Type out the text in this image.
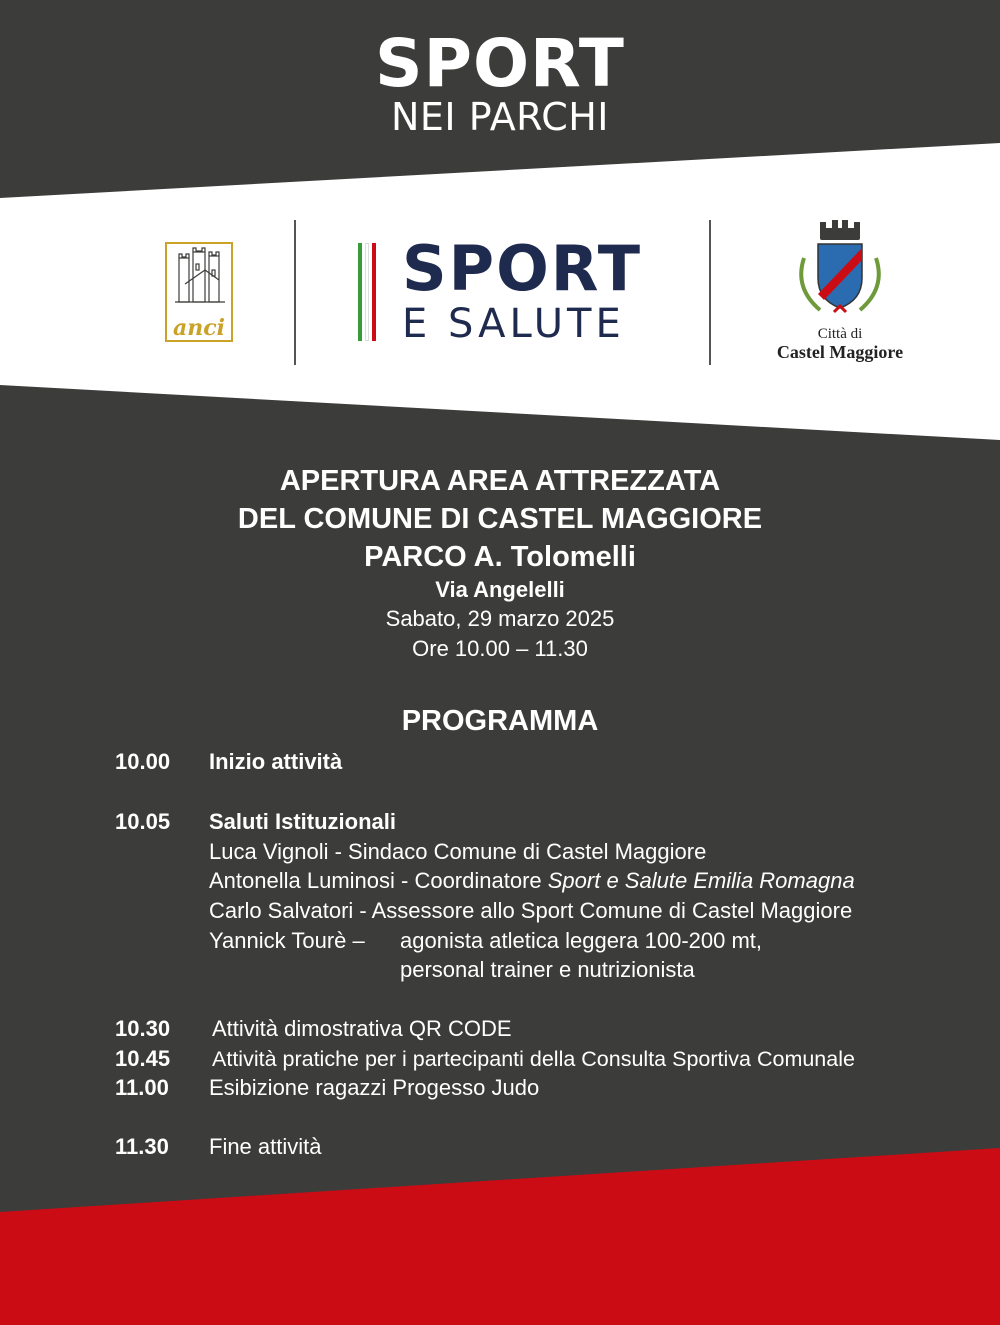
SPORT
NEI PARCHI
anci
SPORT
E SALUTE	Città di
Castel Maggiore
APERTURA AREA ATTREZZATA
DEL COMUNE DI CASTEL MAGGIORE
PARCO A. Tolomelli
Via Angelelli
Sabato, 29 marzo 2025
Ore 10.00 – 11.30
PROGRAMMA
10.00 Inizio attività
10.05 Saluti Istituzionali
Luca Vignoli - Sindaco Comune di Castel Maggiore
Antonella Luminosi - Coordinatore Sport e Salute Emilia Romagna
Carlo Salvatori - Assessore allo Sport Comune di Castel Maggiore
Yannick Tourè – agonista atletica leggera 100-200 mt,
personal trainer e nutrizionista
10.30 Attività dimostrativa QR CODE
10.45 Attività pratiche per i partecipanti della Consulta Sportiva Comunale
11.00 Esibizione ragazzi Progesso Judo
11.30 Fine attività
